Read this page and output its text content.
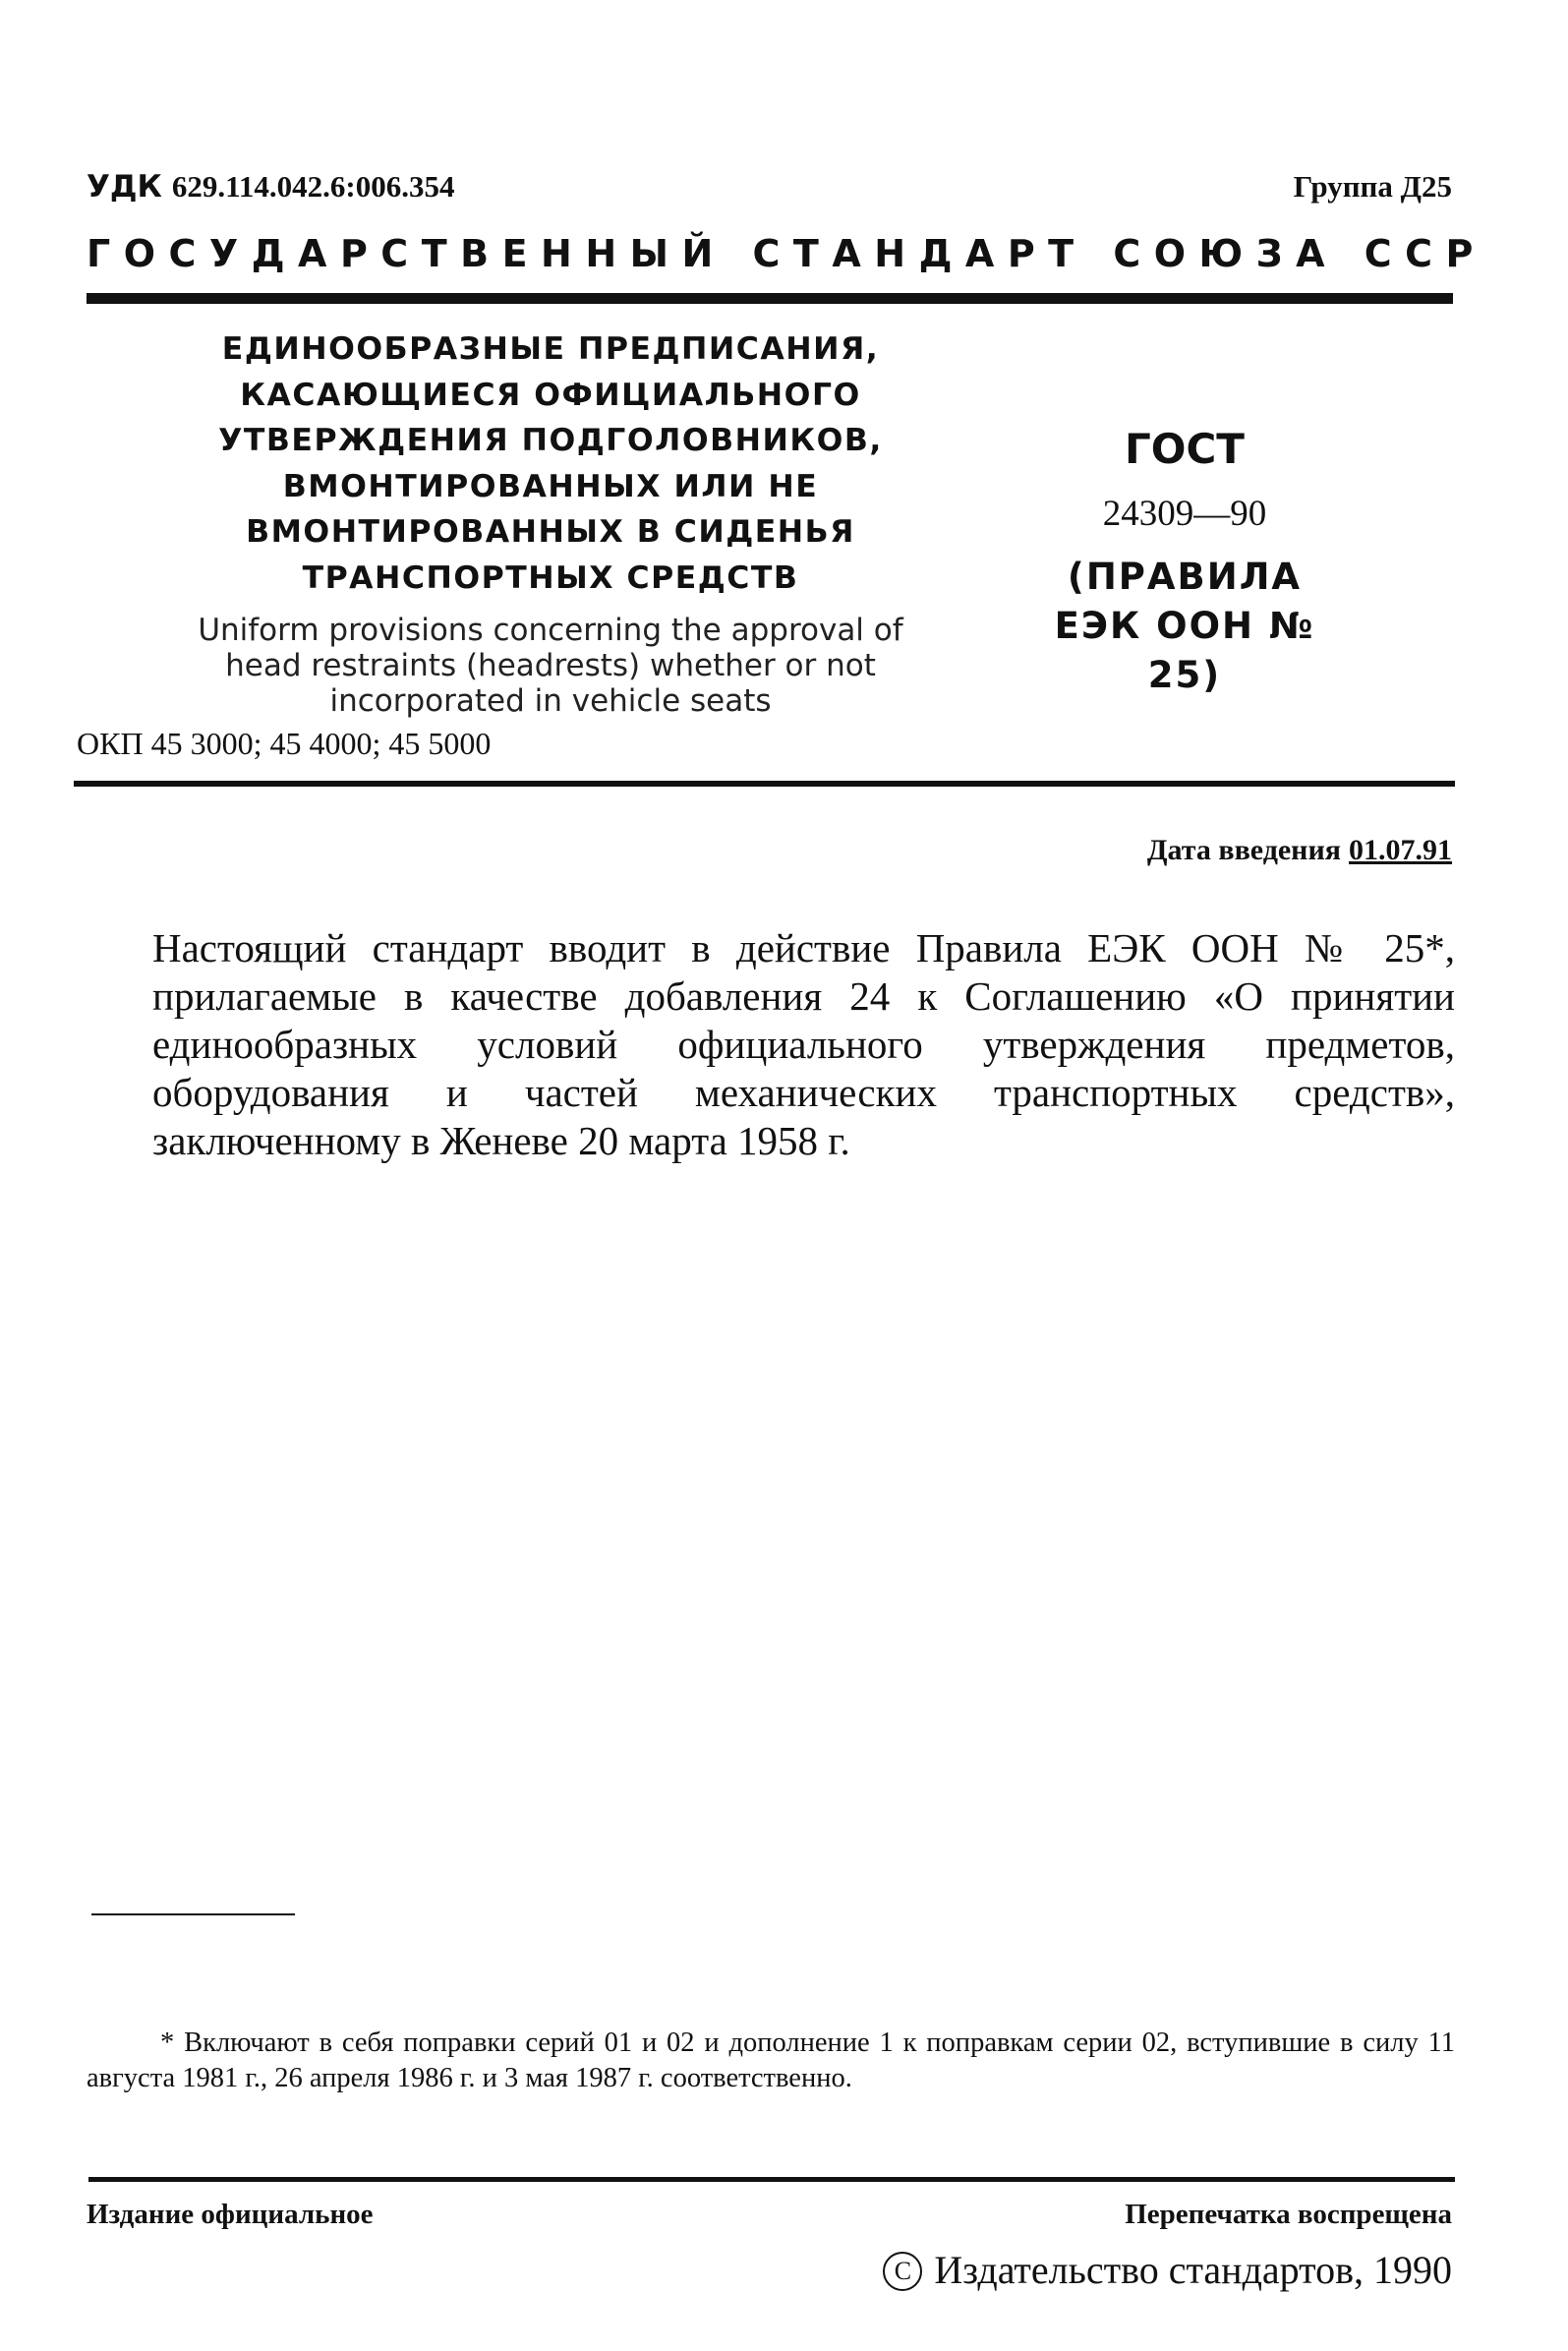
УДК 629.114.042.6:006.354	Группа Д25
ГОСУДАРСТВЕННЫЙ СТАНДАРТ СОЮЗА ССР
ЕДИНООБРАЗНЫЕ ПРЕДПИСАНИЯ,
КАСАЮЩИЕСЯ ОФИЦИАЛЬНОГО
УТВЕРЖДЕНИЯ ПОДГОЛОВНИКОВ,
ВМОНТИРОВАННЫХ ИЛИ НЕ
ВМОНТИРОВАННЫХ В СИДЕНЬЯ
ТРАНСПОРТНЫХ СРЕДСТВ
Uniform provisions concerning the approval of
head restraints (headrests) whether or not
incorporated in vehicle seats
ОКП 45 3000; 45 4000; 45 5000
ГОСТ
24309—90
(ПРАВИЛА
ЕЭК ООН № 25)
Дата введения 01.07.91
Настоящий стандарт вводит в действие Правила ЕЭК ООН № 25*, прилагаемые в качестве добавления 24 к Соглашению «О принятии единообразных условий официального утверждения предметов, оборудования и частей механических транспортных средств», заключенному в Женеве 20 марта 1958 г.
* Включают в себя поправки серий 01 и 02 и дополнение 1 к поправкам серии 02, вступившие в силу 11 августа 1981 г., 26 апреля 1986 г. и 3 мая 1987 г. соответственно.
Издание официальное	Перепечатка воспрещена
С Издательство стандартов, 1990
